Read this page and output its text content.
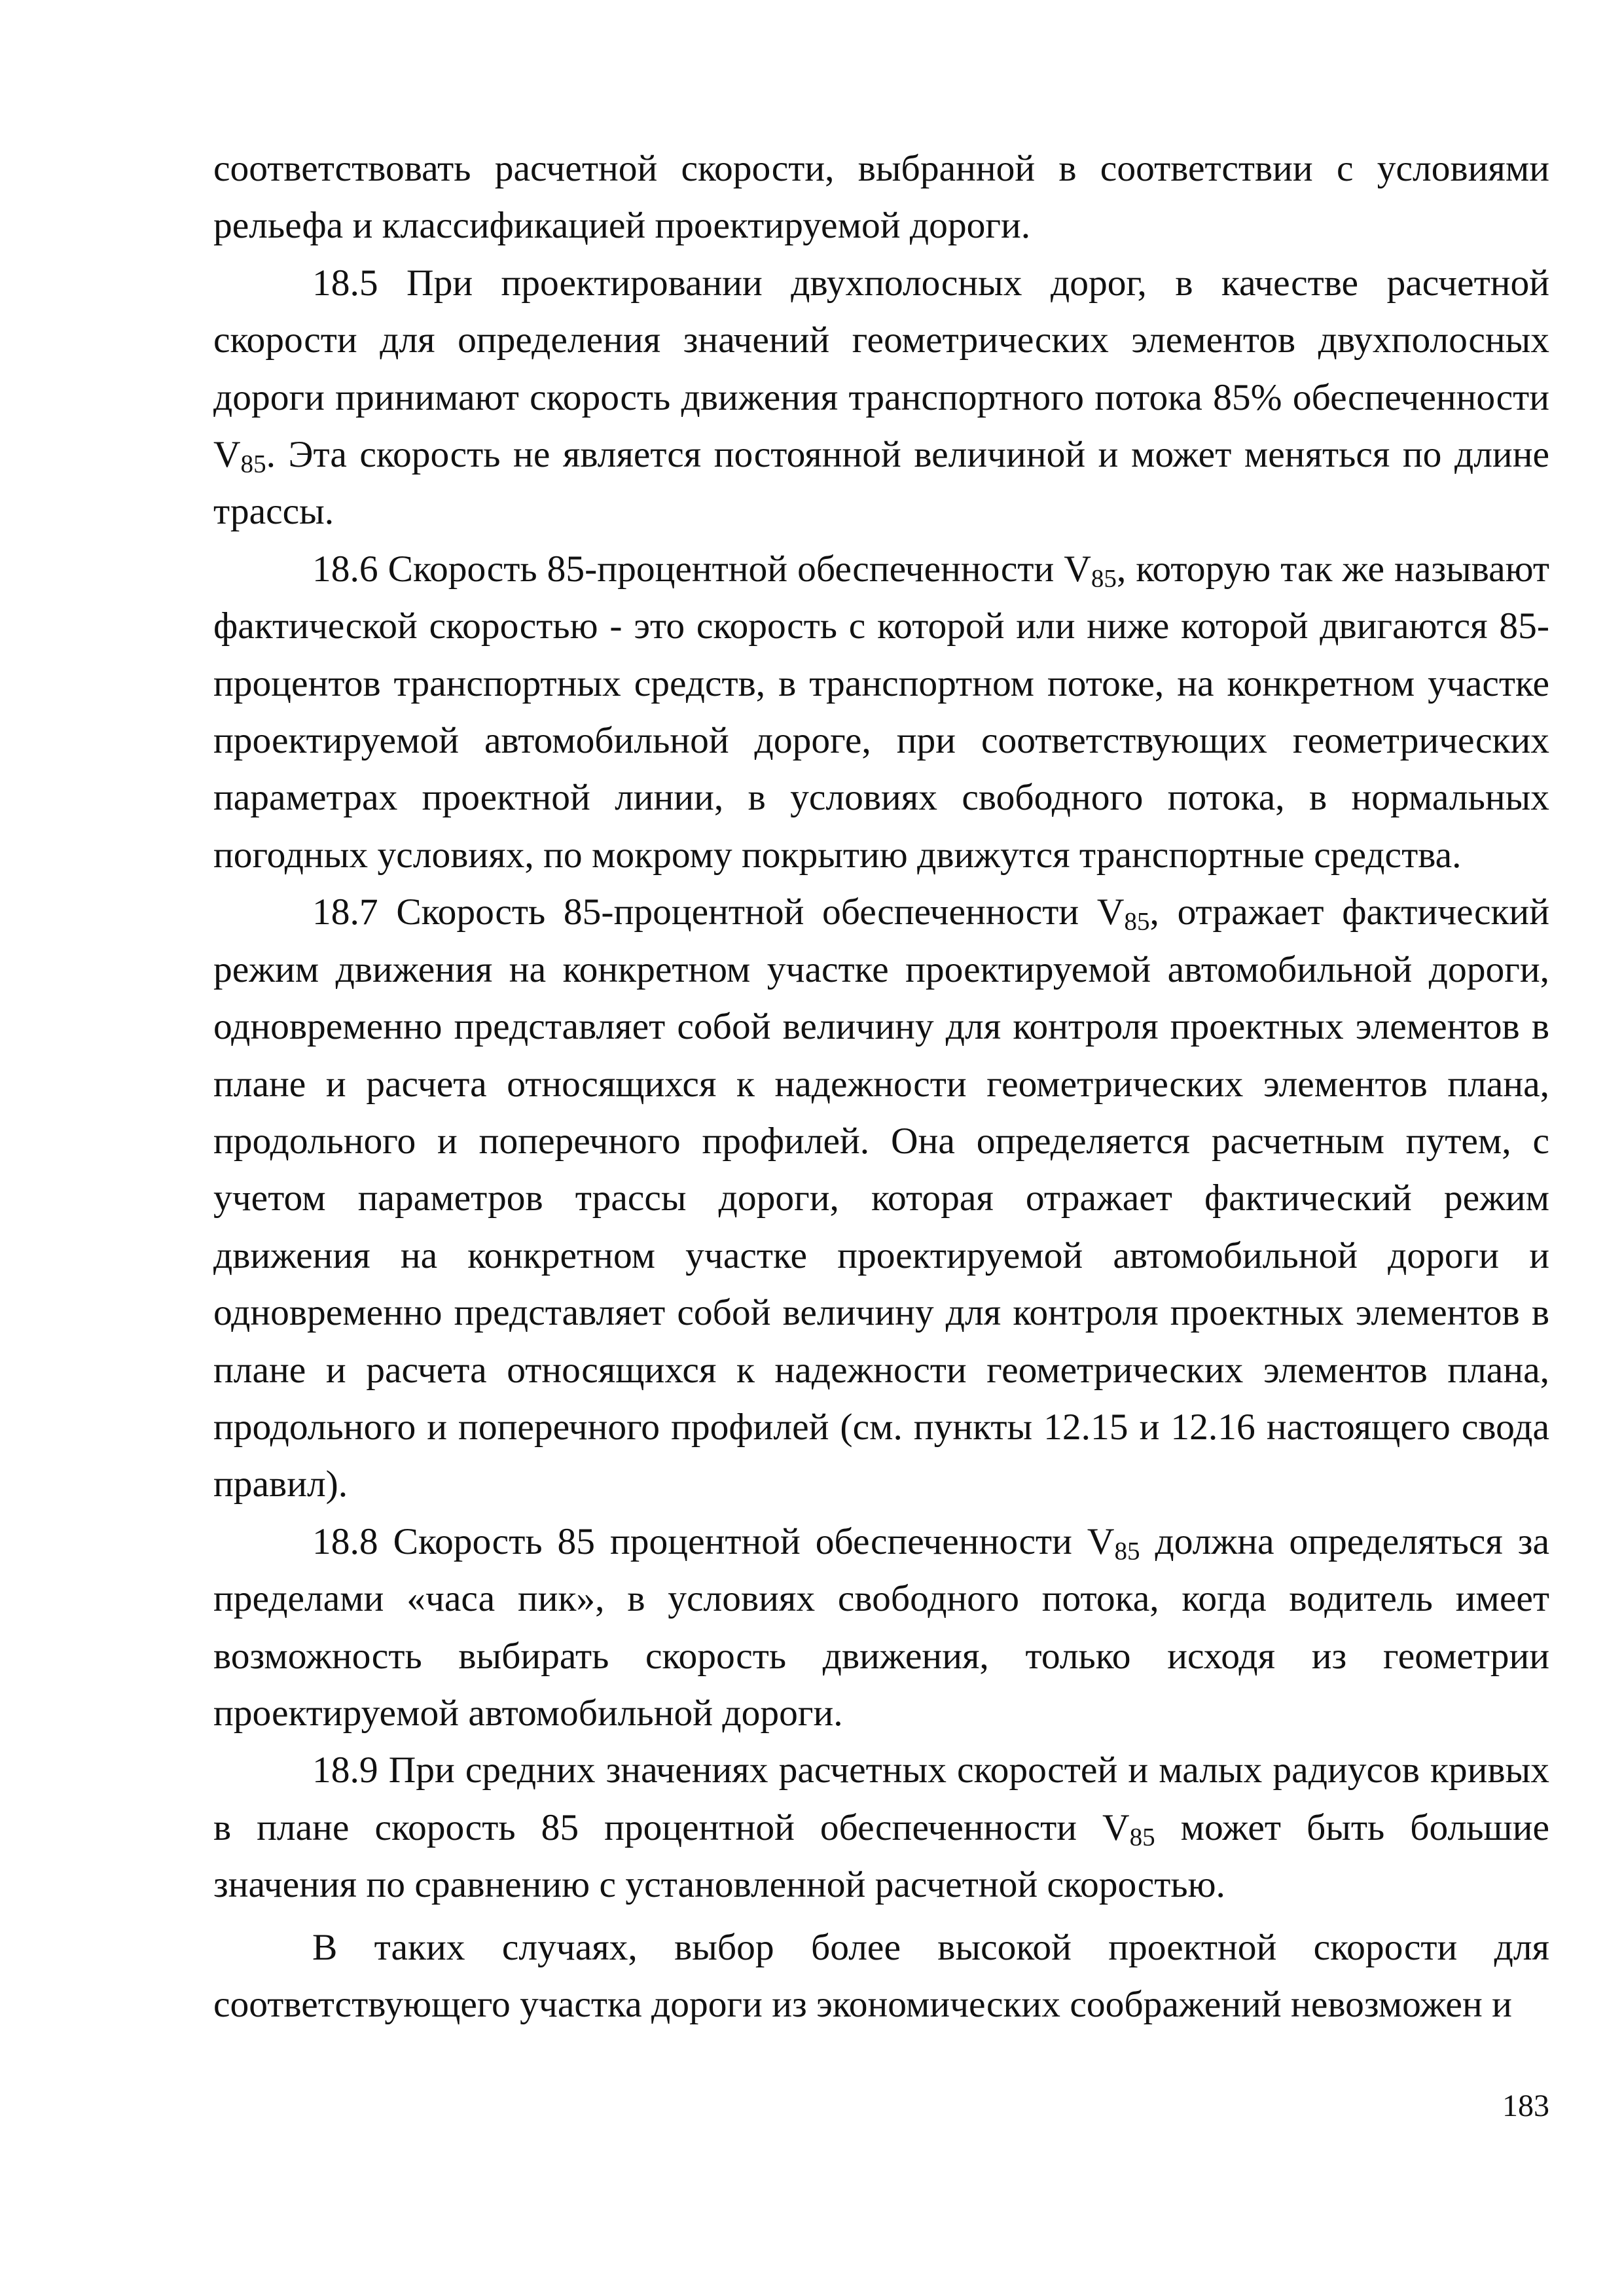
соответствовать расчетной скорости, выбранной в соответствии с условиями рельефа и классификацией проектируемой дороги.

18.5 При проектировании двухполосных дорог, в качестве расчетной скорости для определения значений геометрических элементов двухполосных дороги принимают скорость движения транспортного потока 85% обеспеченности $V_{85}$. Эта скорость не является постоянной величиной и может меняться по длине трассы.

18.6 Скорость 85-процентной обеспеченности $V_{85}$, которую так же называют фактической скоростью - это скорость с которой или ниже которой двигаются 85-процентов транспортных средств, в транспортном потоке, на конкретном участке проектируемой автомобильной дороге, при соответствующих геометрических параметрах проектной линии, в условиях свободного потока, в нормальных погодных условиях, по мокрому покрытию движутся транспортные средства.

18.7 Скорость 85-процентной обеспеченности $V_{85}$, отражает фактический режим движения на конкретном участке проектируемой автомобильной дороги, одновременно представляет собой величину для контроля проектных элементов в плане и расчета относящихся к надежности геометрических элементов плана, продольного и поперечного профилей. Она определяется расчетным путем, с учетом параметров трассы дороги, которая отражает фактический режим движения на конкретном участке проектируемой автомобильной дороги и одновременно представляет собой величину для контроля проектных элементов в плане и расчета относящихся к надежности геометрических элементов плана, продольного и поперечного профилей (см. пункты 12.15 и 12.16 настоящего свода правил).

18.8 Скорость 85 процентной обеспеченности $V_{85}$ должна определяться за пределами «часа пик», в условиях свободного потока, когда водитель имеет возможность выбирать скорость движения, только исходя из геометрии проектируемой автомобильной дороги.

18.9 При средних значениях расчетных скоростей и малых радиусов кривых в плане скорость 85 процентной обеспеченности $V_{85}$ может быть большие значения по сравнению с установленной расчетной скоростью.

В таких случаях, выбор более высокой проектной скорости для соответствующего участка дороги из экономических соображений невозможен и

183
